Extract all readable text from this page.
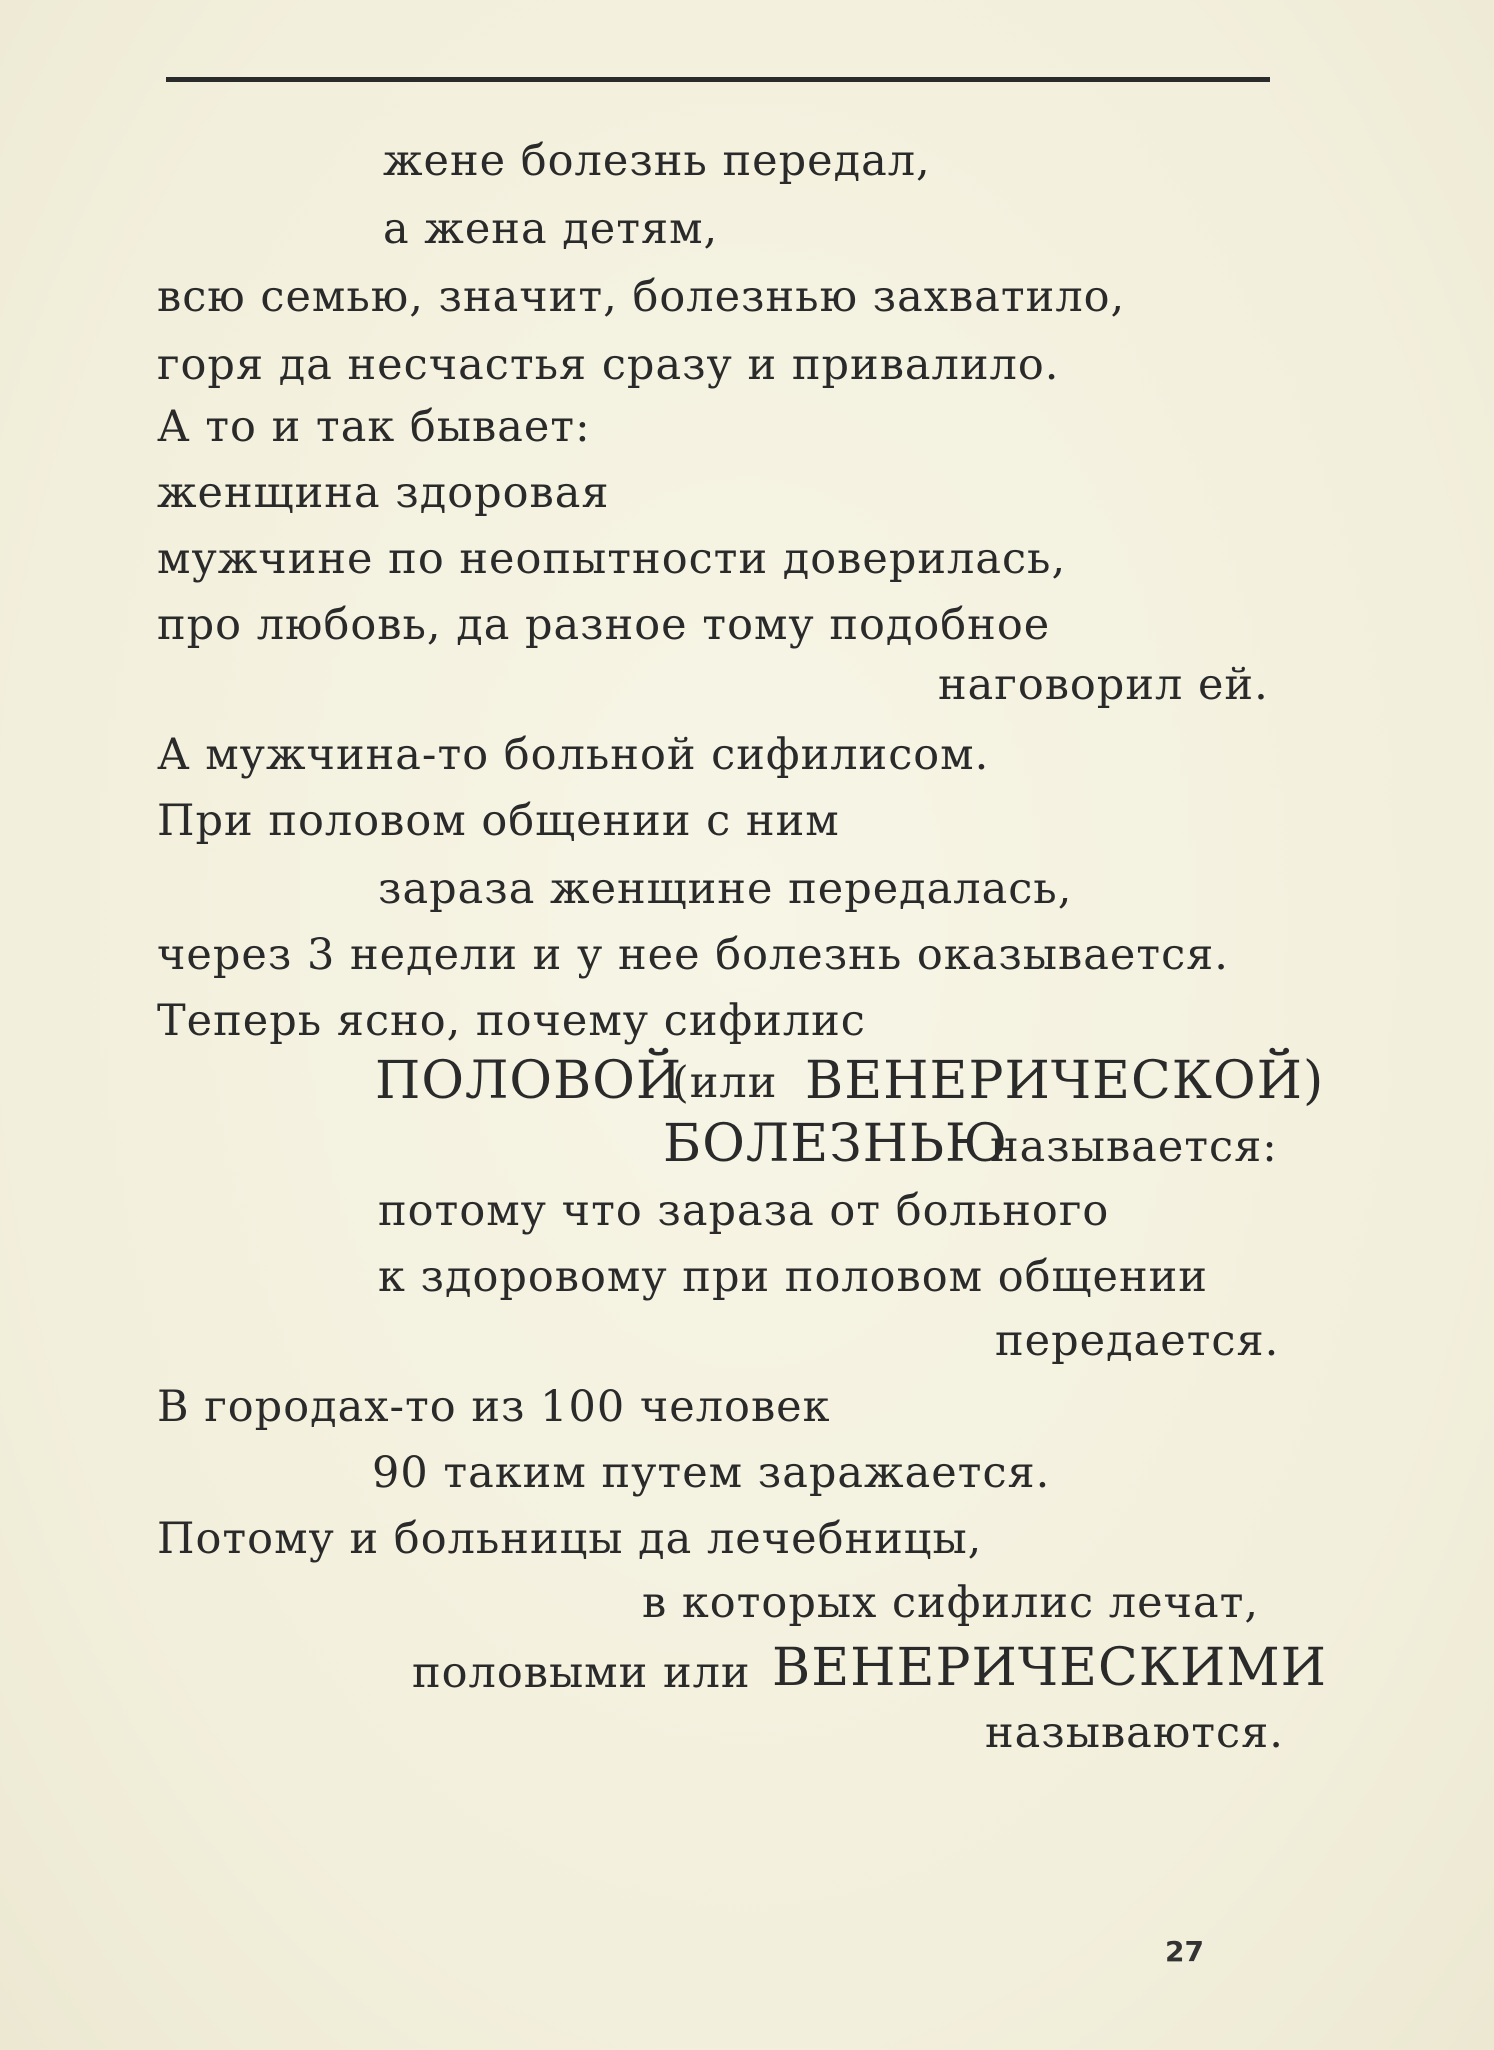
жене болезнь передал,
а жена детям,
всю семью, значит, болезнью захватило,
горя да несчастья сразу и привалило.
А то и так бывает:
женщина здоровая
мужчине по неопытности доверилась,
про любовь, да разное тому подобное
наговорил ей.
А мужчина-то больной сифилисом.
При половом общении с ним
зараза женщине передалась,
через 3 недели и у нее болезнь оказывается.
Теперь ясно, почему сифилис
ПОЛОВОЙ
(или ВЕНЕРИЧЕСКОЙ)
БОЛЕЗНЬЮ
называется:
потому что зараза от больного
к здоровому при половом общении
передается.
В городах-то из 100 человек
90 таким путем заражается.
Потому и больницы да лечебницы,
в которых сифилис лечат,
половыми или ВЕНЕРИЧЕСКИМИ
называются.
27
